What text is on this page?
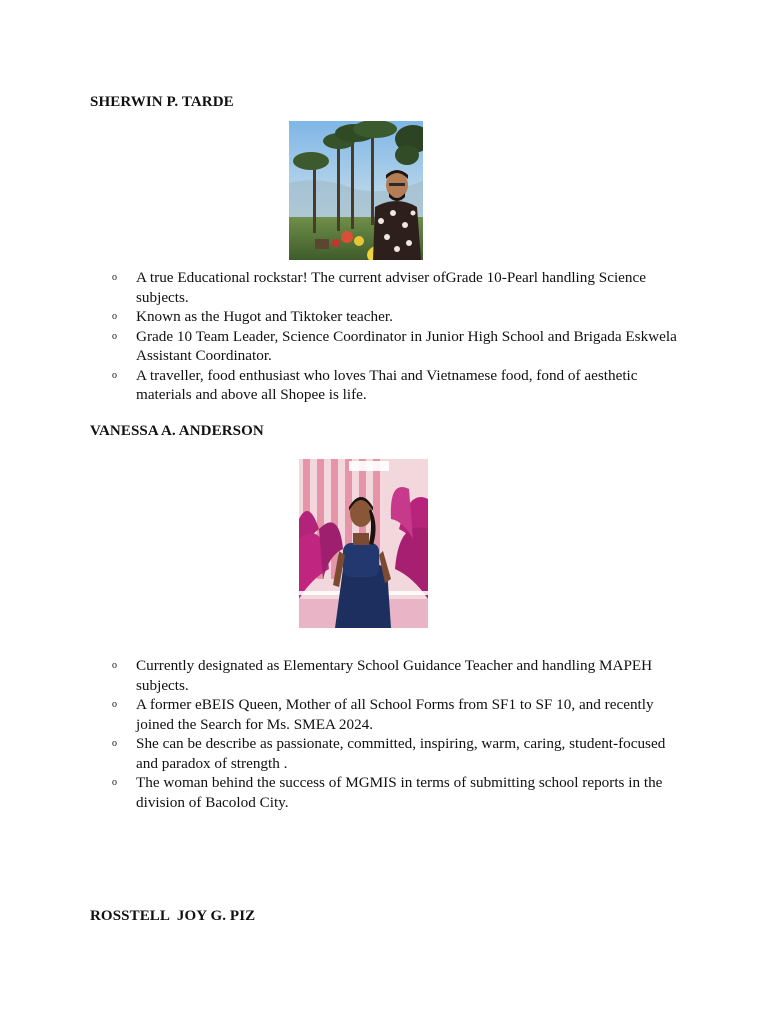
SHERWIN P. TARDE
o A true Educational rockstar! The current adviser ofGrade 10-Pearl handling Science subjects.
o Known as the Hugot and Tiktoker teacher.
o Grade 10 Team Leader, Science Coordinator in Junior High School and Brigada Eskwela Assistant Coordinator.
o A traveller, food enthusiast who loves Thai and Vietnamese food, fond of aesthetic materials and above all Shopee is life.
VANESSA A. ANDERSON
o Currently designated as Elementary School Guidance Teacher and handling MAPEH subjects.
o A former eBEIS Queen, Mother of all School Forms from SF1 to SF 10, and recently joined the Search for Ms. SMEA 2024.
o She can be describe as passionate, committed, inspiring, warm, caring, student-focused and paradox of strength .
o The woman behind the success of MGMIS in terms of submitting school reports in the division of Bacolod City.
ROSSTELL  JOY G. PIZ
